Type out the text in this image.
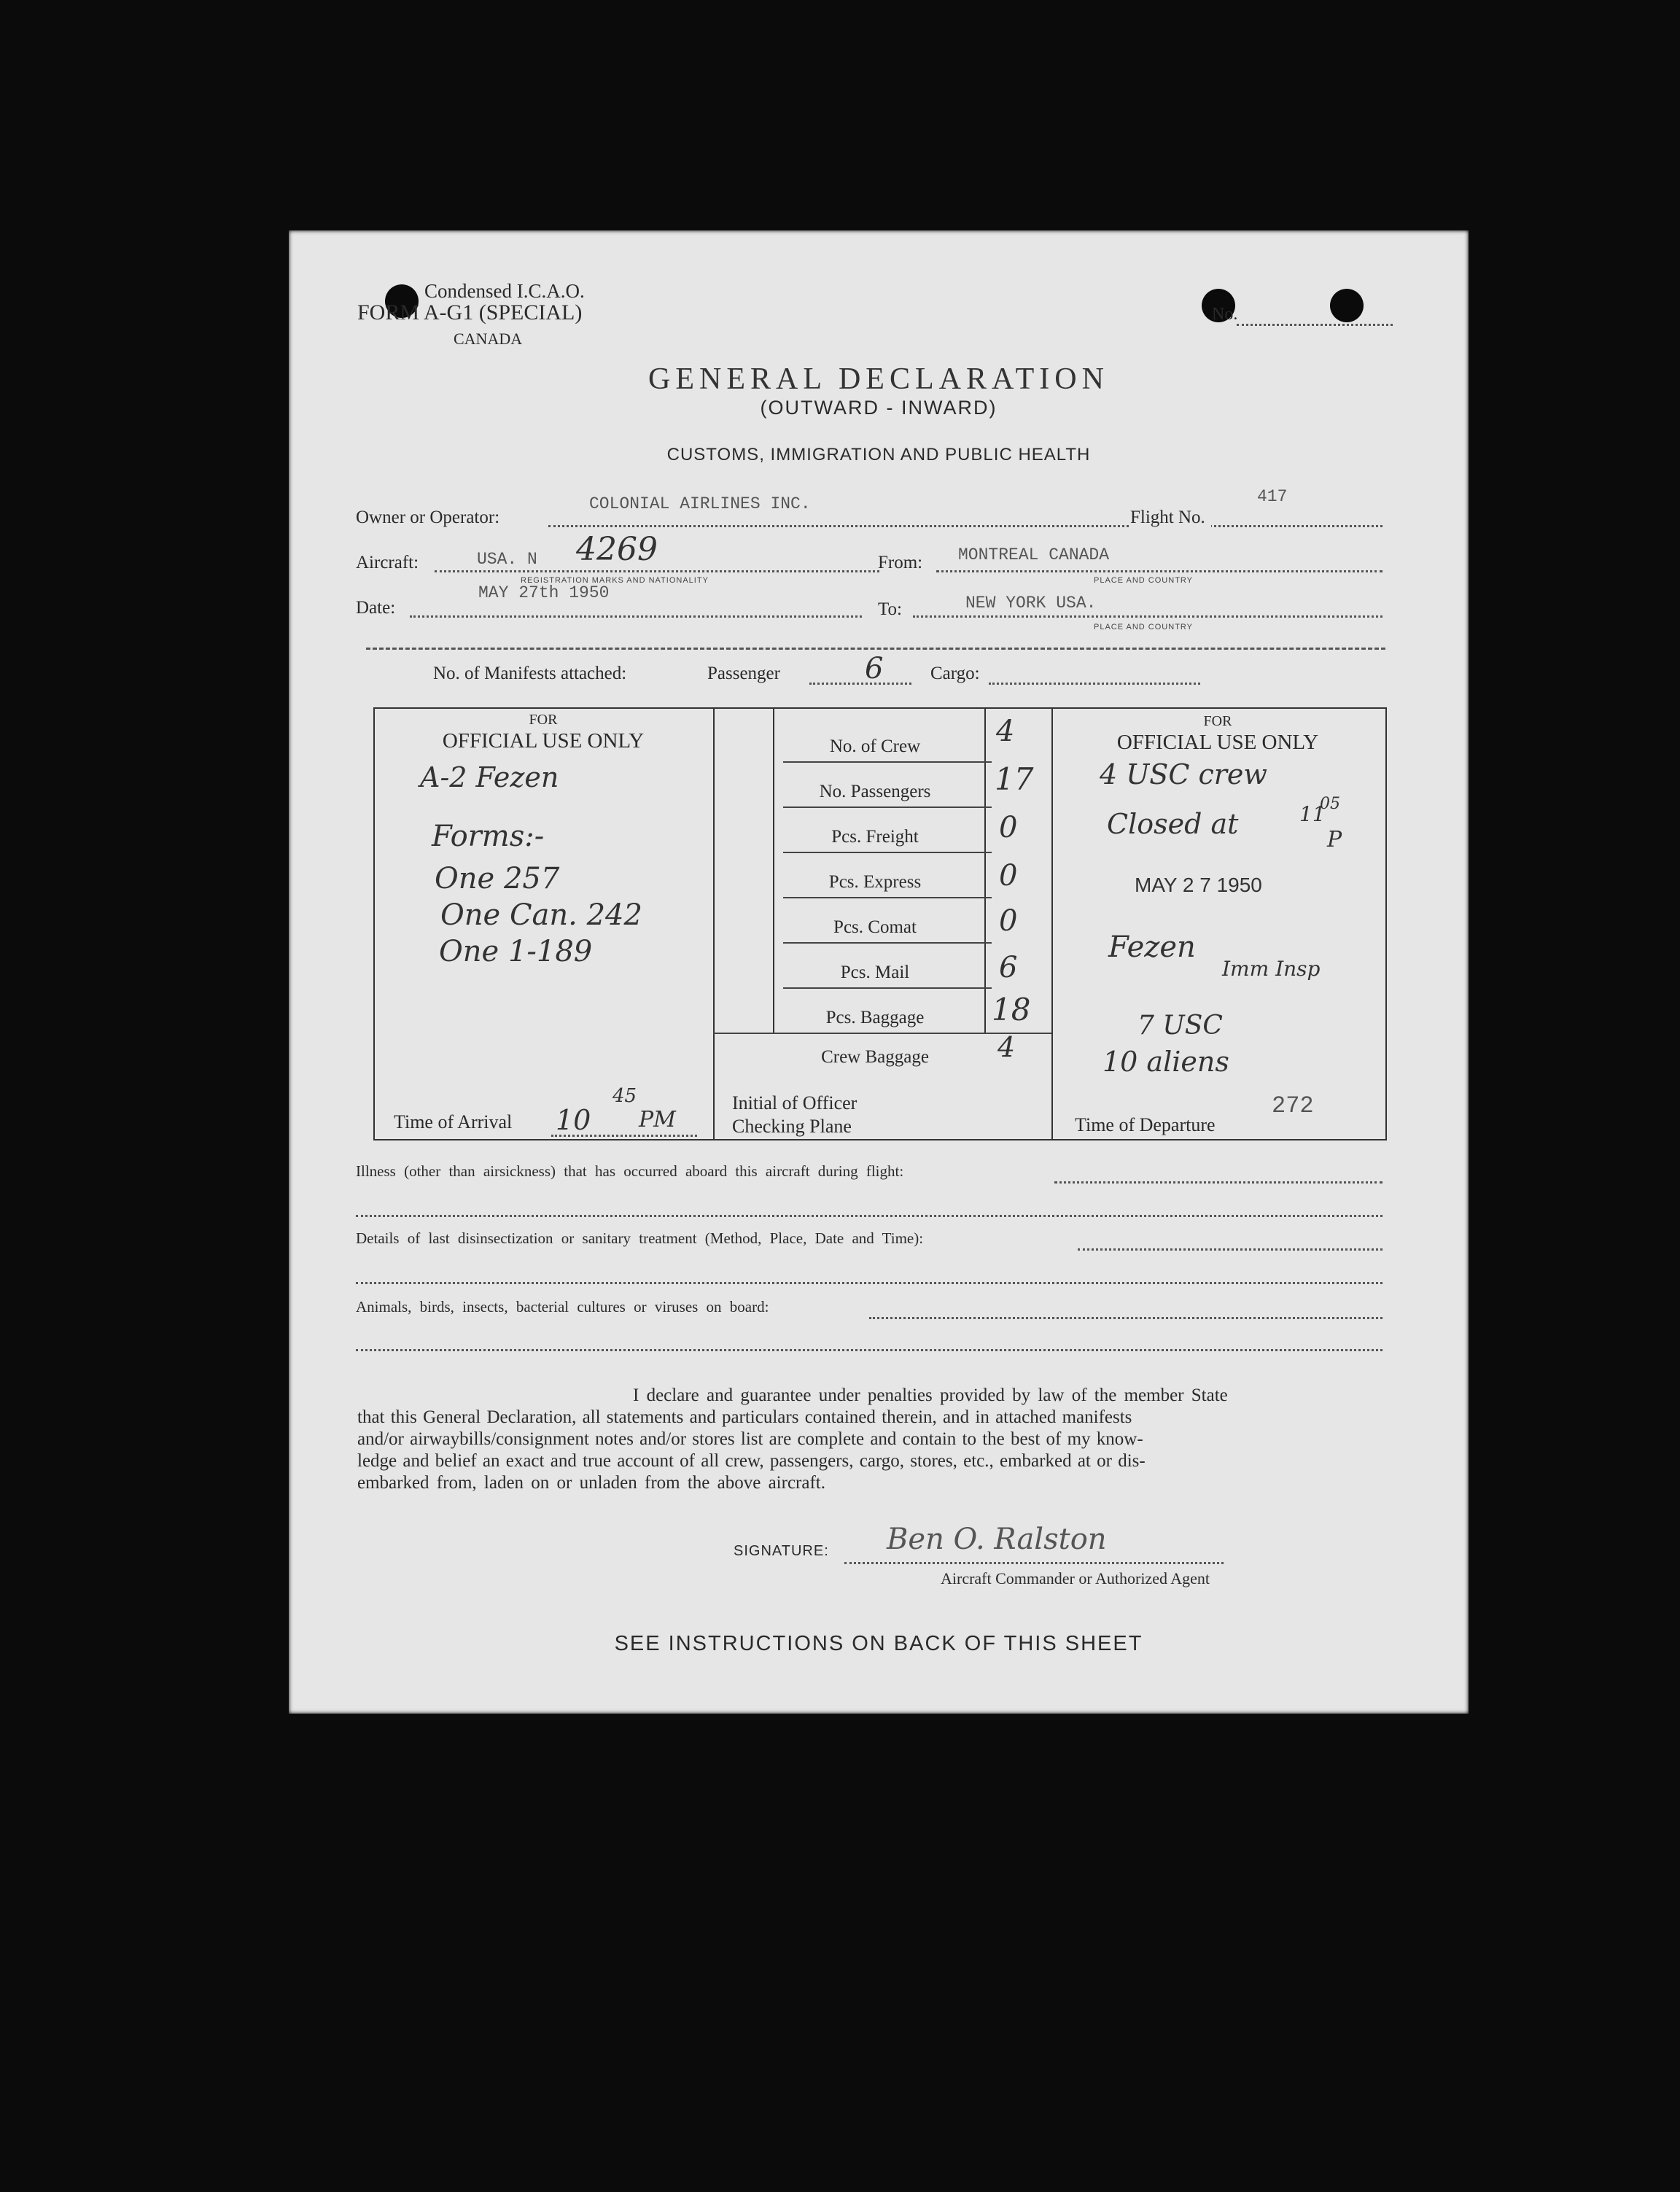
Condensed I.C.A.O.
FORM A-G1 (SPECIAL)
CANADA
No.
GENERAL DECLARATION
(OUTWARD - INWARD)
CUSTOMS, IMMIGRATION AND PUBLIC HEALTH
Owner or Operator:
COLONIAL AIRLINES INC.
Flight No.
417
Aircraft:	USA. N 4269
REGISTRATION MARKS AND NATIONALITY
From: MONTREAL CANADA
PLACE AND COUNTRY
Date:
MAY 27th 1950
To:	NEW YORK USA.
PLACE AND COUNTRY
No. of Manifests attached:	Passenger	6	Cargo:
FOR
OFFICIAL USE ONLY
A-2 Fezen
Forms:-
One 257
One Can. 242
One 1-189
Time of Arrival 10
45
PM
No. of Crew	4
No. Passengers	17
Pcs. Freight	0
Pcs. Express	0
Pcs. Comat	0
Pcs. Mail	6
Pcs. Baggage	18
Crew Baggage	4
Initial of Officer
Checking Plane
FOR
OFFICIAL USE ONLY
4 USC crew
Closed at	11
05
P
MAY 2 7 1950
Fezen
Imm Insp
7 USC
10 aliens
Time of Departure
272
Illness (other than airsickness) that has occurred aboard this aircraft during flight:
Details of last disinsectization or sanitary treatment (Method, Place, Date and Time):
Animals, birds, insects, bacterial cultures or viruses on board:
I declare and guarantee under penalties provided by law of the member State
that this General Declaration, all statements and particulars contained therein, and in attached manifests
and/or airwaybills/consignment notes and/or stores list are complete and contain to the best of my know-
ledge and belief an exact and true account of all crew, passengers, cargo, stores, etc., embarked at or dis-
embarked from, laden on or unladen from the above aircraft.
SIGNATURE: Ben O. Ralston
Aircraft Commander or Authorized Agent
SEE INSTRUCTIONS ON BACK OF THIS SHEET
